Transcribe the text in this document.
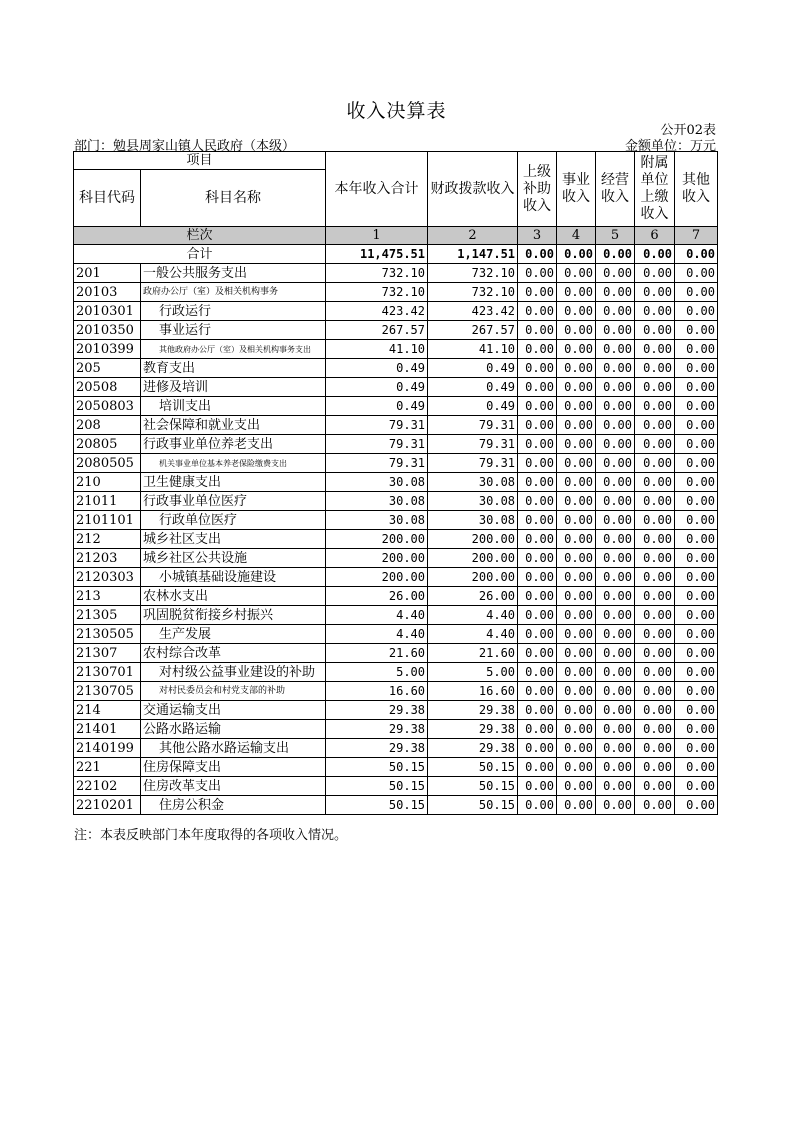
收入决算表
公开02表
部门：勉县周家山镇人民政府（本级）	金额单位：万元
项目		本年收入合计	财政拨款收入	上级补助收入	事业收入	经营收入	附属单位上缴收入	其他收入
科目代码	科目名称							
栏次		1	2	3	4	5	6	7
合计		11,475.51	1,147.51	0.00	0.00	0.00	0.00	0.00
201	一般公共服务支出	732.10	732.10	0.00	0.00	0.00	0.00	0.00
20103	政府办公厅（室）及相关机构事务	732.10	732.10	0.00	0.00	0.00	0.00	0.00
2010301	行政运行	423.42	423.42	0.00	0.00	0.00	0.00	0.00
2010350	事业运行	267.57	267.57	0.00	0.00	0.00	0.00	0.00
2010399	其他政府办公厅（室）及相关机构事务支出	41.10	41.10	0.00	0.00	0.00	0.00	0.00
205	教育支出	0.49	0.49	0.00	0.00	0.00	0.00	0.00
20508	进修及培训	0.49	0.49	0.00	0.00	0.00	0.00	0.00
2050803	培训支出	0.49	0.49	0.00	0.00	0.00	0.00	0.00
208	社会保障和就业支出	79.31	79.31	0.00	0.00	0.00	0.00	0.00
20805	行政事业单位养老支出	79.31	79.31	0.00	0.00	0.00	0.00	0.00
2080505	机关事业单位基本养老保险缴费支出	79.31	79.31	0.00	0.00	0.00	0.00	0.00
210	卫生健康支出	30.08	30.08	0.00	0.00	0.00	0.00	0.00
21011	行政事业单位医疗	30.08	30.08	0.00	0.00	0.00	0.00	0.00
2101101	行政单位医疗	30.08	30.08	0.00	0.00	0.00	0.00	0.00
212	城乡社区支出	200.00	200.00	0.00	0.00	0.00	0.00	0.00
21203	城乡社区公共设施	200.00	200.00	0.00	0.00	0.00	0.00	0.00
2120303	小城镇基础设施建设	200.00	200.00	0.00	0.00	0.00	0.00	0.00
213	农林水支出	26.00	26.00	0.00	0.00	0.00	0.00	0.00
21305	巩固脱贫衔接乡村振兴	4.40	4.40	0.00	0.00	0.00	0.00	0.00
2130505	生产发展	4.40	4.40	0.00	0.00	0.00	0.00	0.00
21307	农村综合改革	21.60	21.60	0.00	0.00	0.00	0.00	0.00
2130701	对村级公益事业建设的补助	5.00	5.00	0.00	0.00	0.00	0.00	0.00
2130705	对村民委员会和村党支部的补助	16.60	16.60	0.00	0.00	0.00	0.00	0.00
214	交通运输支出	29.38	29.38	0.00	0.00	0.00	0.00	0.00
21401	公路水路运输	29.38	29.38	0.00	0.00	0.00	0.00	0.00
2140199	其他公路水路运输支出	29.38	29.38	0.00	0.00	0.00	0.00	0.00
221	住房保障支出	50.15	50.15	0.00	0.00	0.00	0.00	0.00
22102	住房改革支出	50.15	50.15	0.00	0.00	0.00	0.00	0.00
2210201	住房公积金	50.15	50.15	0.00	0.00	0.00	0.00	0.00
注：本表反映部门本年度取得的各项收入情况。
